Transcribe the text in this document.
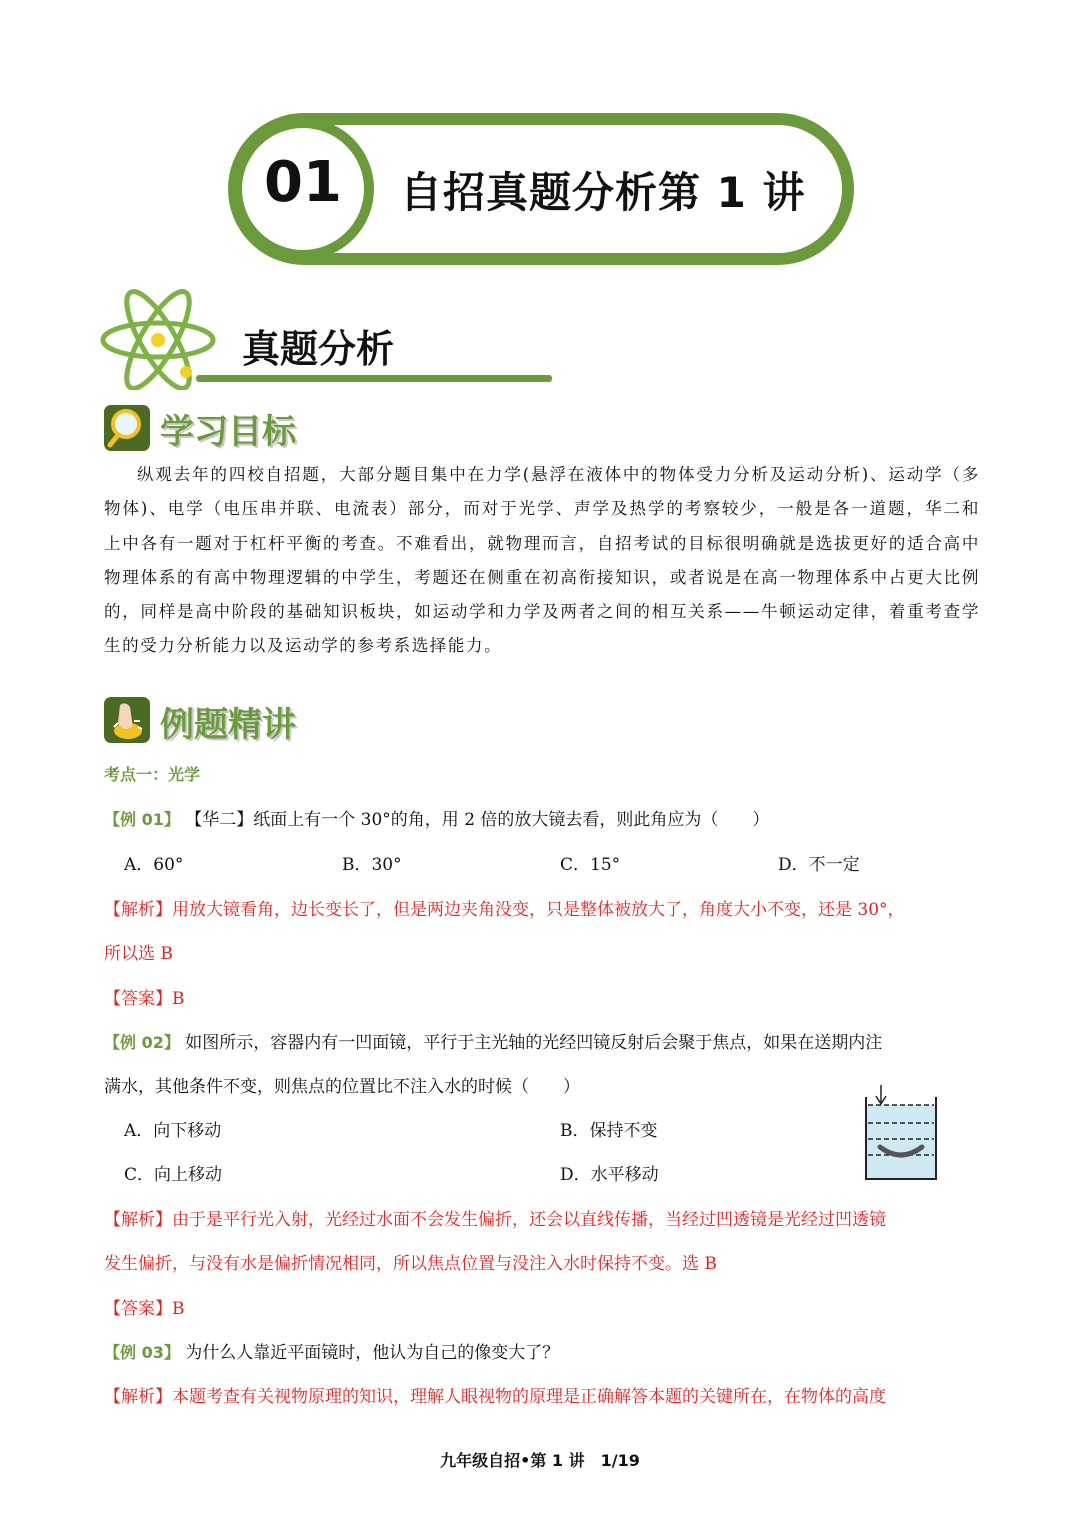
01	自招真题分析第 1 讲
真题分析
学习目标
纵观去年的四校自招题，大部分题目集中在力学(悬浮在液体中的物体受力分析及运动分析)、运动学（多物体)、电学（电压串并联、电流表）部分，而对于光学、声学及热学的考察较少，一般是各一道题，华二和上中各有一题对于杠杆平衡的考查。不难看出，就物理而言，自招考试的目标很明确就是选拔更好的适合高中物理体系的有高中物理逻辑的中学生，考题还在侧重在初高衔接知识，或者说是在高一物理体系中占更大比例的，同样是高中阶段的基础知识板块，如运动学和力学及两者之间的相互关系——牛顿运动定律，着重考查学生的受力分析能力以及运动学的参考系选择能力。
例题精讲
考点一：光学
【例 01】 【华二】纸面上有一个 30°的角，用 2 倍的放大镜去看，则此角应为（　　）
A．60°	B．30°	C．15°	D．不一定
【解析】用放大镜看角，边长变长了，但是两边夹角没变，只是整体被放大了，角度大小不变，还是 30°，
所以选 B
【答案】B
【例 02】 如图所示，容器内有一凹面镜，平行于主光轴的光经凹镜反射后会聚于焦点，如果在送期内注
满水，其他条件不变，则焦点的位置比不注入水的时候（　　）
A．向下移动	B．保持不变
C．向上移动	D．水平移动
【解析】由于是平行光入射，光经过水面不会发生偏折，还会以直线传播，当经过凹透镜是光经过凹透镜
发生偏折，与没有水是偏折情况相同，所以焦点位置与没注入水时保持不变。选 B
【答案】B
【例 03】 为什么人靠近平面镜时，他认为自己的像变大了？
【解析】本题考查有关视物原理的知识，理解人眼视物的原理是正确解答本题的关键所在，在物体的高度
九年级自招•第 1 讲　1/19
